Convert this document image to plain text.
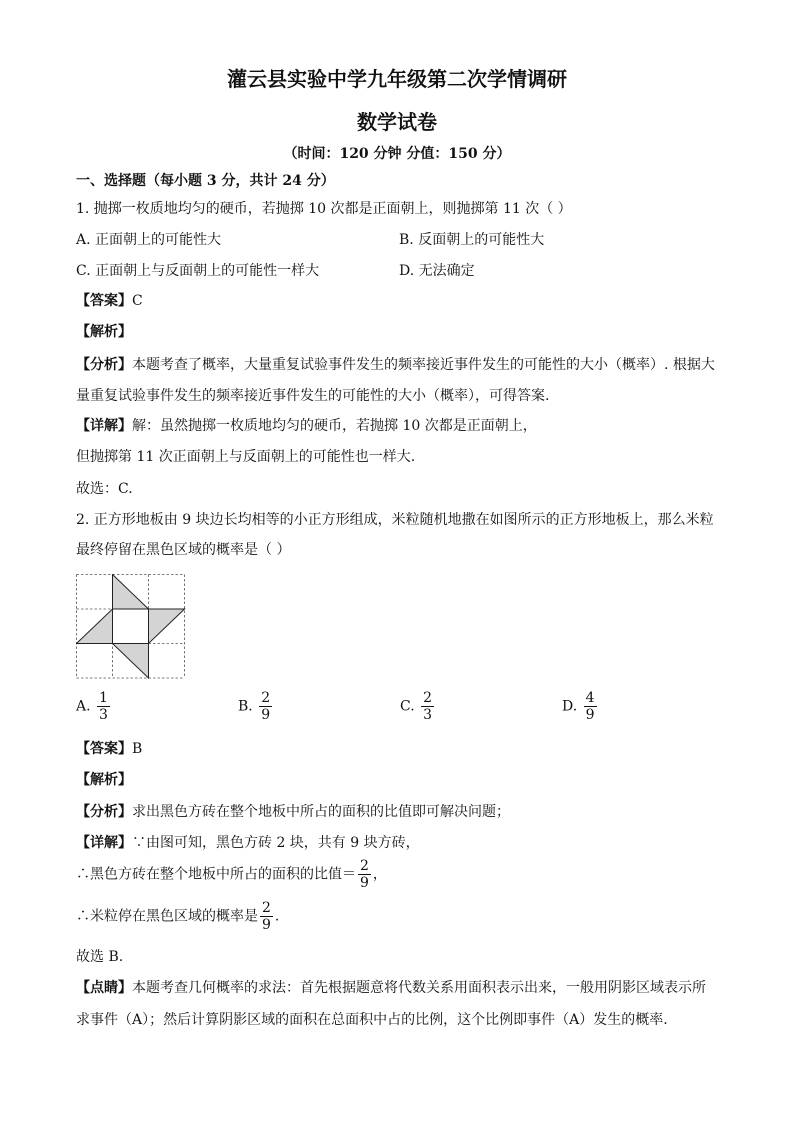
灌云县实验中学九年级第二次学情调研
数学试卷
（时间：120 分钟 分值：150 分）
一、选择题（每小题 3 分，共计 24 分）
1. 抛掷一枚质地均匀的硬币，若抛掷 10 次都是正面朝上，则抛掷第 11 次（ ）
A. 正面朝上的可能性大	B. 反面朝上的可能性大
C. 正面朝上与反面朝上的可能性一样大	D. 无法确定
【答案】C
【解析】
【分析】本题考查了概率，大量重复试验事件发生的频率接近事件发生的可能性的大小（概率）. 根据大
量重复试验事件发生的频率接近事件发生的可能性的大小（概率），可得答案.
【详解】解：虽然抛掷一枚质地均匀的硬币，若抛掷 10 次都是正面朝上，
但抛掷第 11 次正面朝上与反面朝上的可能性也一样大.
故选：C.
2. 正方形地板由 9 块边长均相等的小正方形组成，米粒随机地撒在如图所示的正方形地板上，那么米粒
最终停留在黑色区域的概率是（ ）
A. $\frac{1}{3}$	B. $\frac{2}{9}$	C. $\frac{2}{3}$	D. $\frac{4}{9}$
【答案】B
【解析】
【分析】求出黑色方砖在整个地板中所占的面积的比值即可解决问题；
【详解】∵由图可知，黑色方砖 2 块，共有 9 块方砖，
∴黑色方砖在整个地板中所占的面积的比值＝ $\frac{2}{9}$ ，
∴米粒停在黑色区域的概率是 $\frac{2}{9}$ .
故选 B.
【点睛】本题考查几何概率的求法：首先根据题意将代数关系用面积表示出来，一般用阴影区域表示所
求事件（A）；然后计算阴影区域的面积在总面积中占的比例，这个比例即事件（A）发生的概率.
